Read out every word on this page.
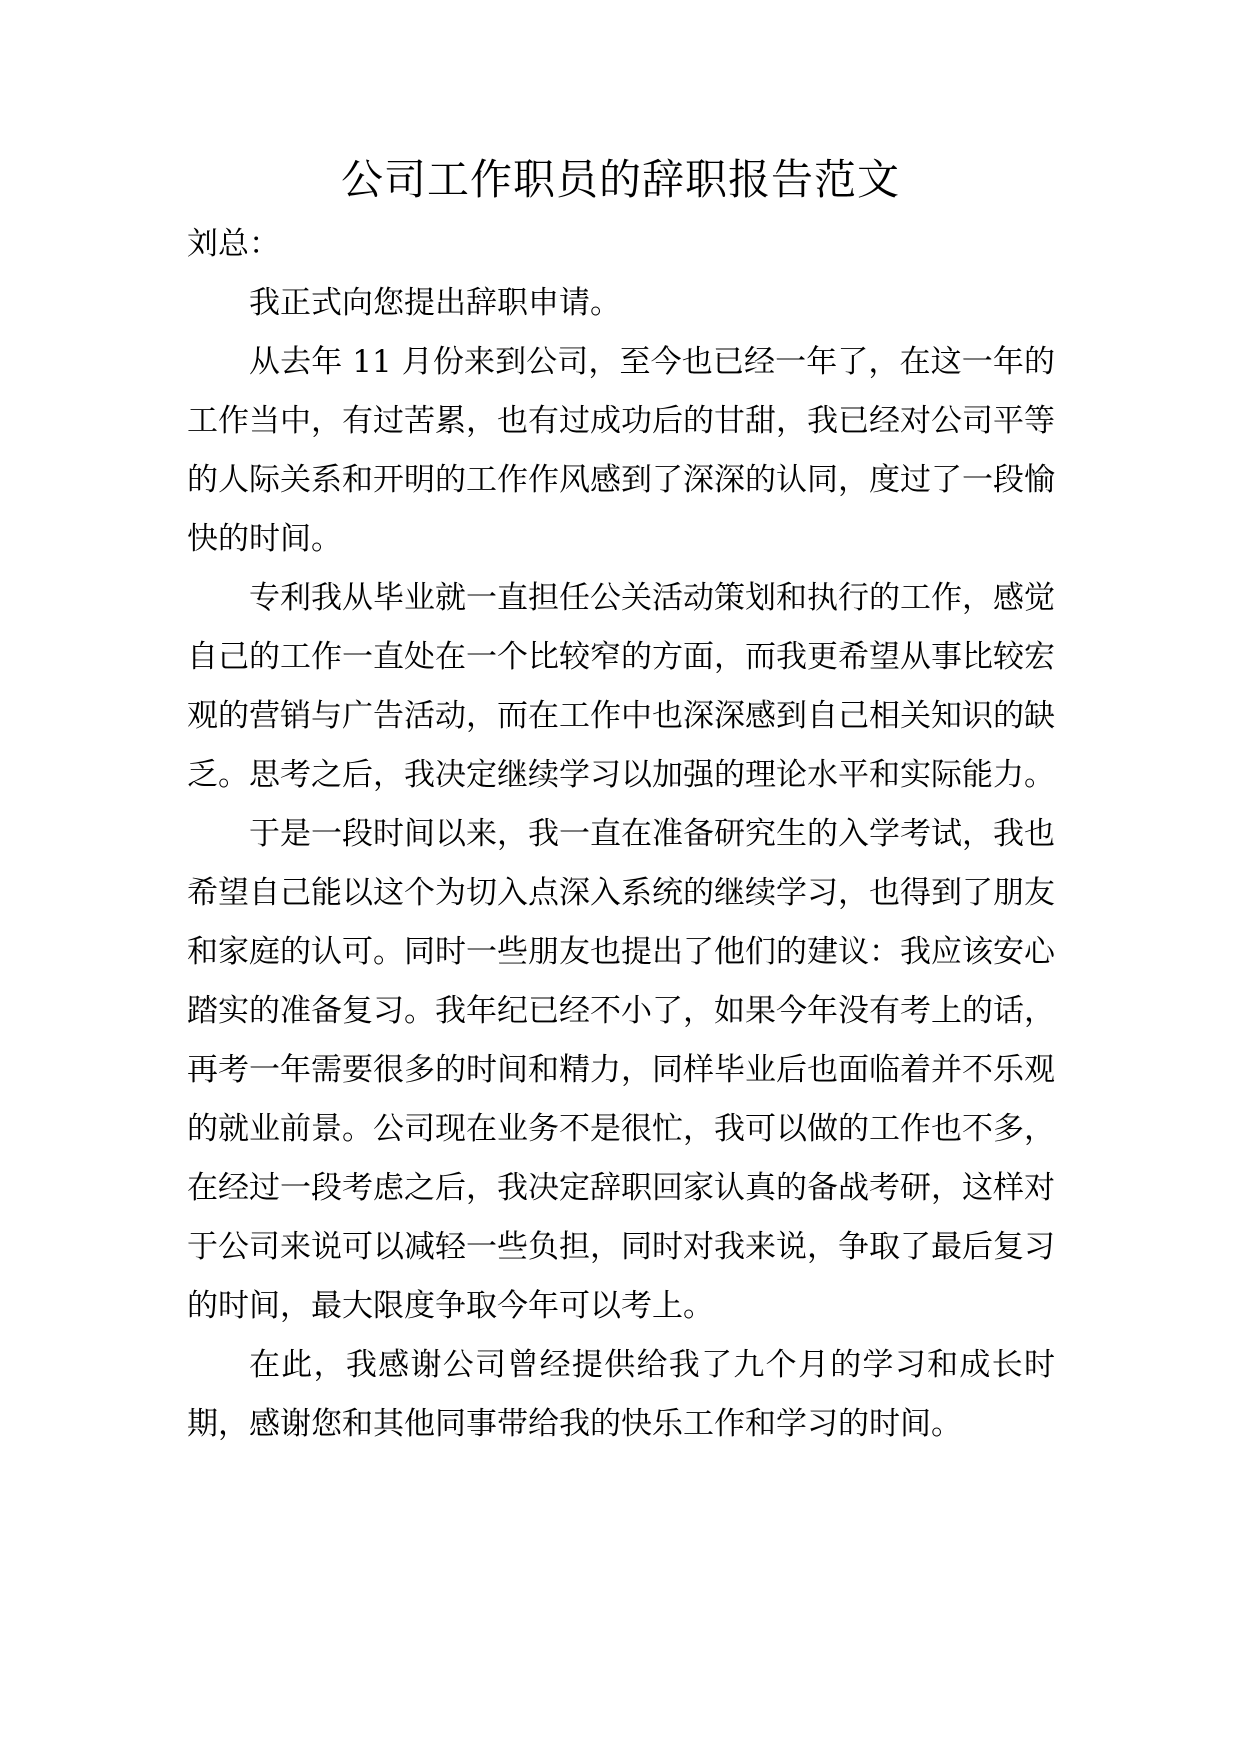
公司工作职员的辞职报告范文

刘总：

我正式向您提出辞职申请。

从去年 11 月份来到公司，至今也已经一年了，在这一年的工作当中，有过苦累，也有过成功后的甘甜，我已经对公司平等的人际关系和开明的工作作风感到了深深的认同，度过了一段愉快的时间。

专利我从毕业就一直担任公关活动策划和执行的工作，感觉自己的工作一直处在一个比较窄的方面，而我更希望从事比较宏观的营销与广告活动，而在工作中也深深感到自己相关知识的缺乏。思考之后，我决定继续学习以加强的理论水平和实际能力。

于是一段时间以来，我一直在准备研究生的入学考试，我也希望自己能以这个为切入点深入系统的继续学习，也得到了朋友和家庭的认可。同时一些朋友也提出了他们的建议：我应该安心踏实的准备复习。我年纪已经不小了，如果今年没有考上的话，再考一年需要很多的时间和精力，同样毕业后也面临着并不乐观的就业前景。公司现在业务不是很忙，我可以做的工作也不多，在经过一段考虑之后，我决定辞职回家认真的备战考研，这样对于公司来说可以减轻一些负担，同时对我来说，争取了最后复习的时间，最大限度争取今年可以考上。

在此，我感谢公司曾经提供给我了九个月的学习和成长时期，感谢您和其他同事带给我的快乐工作和学习的时间。
